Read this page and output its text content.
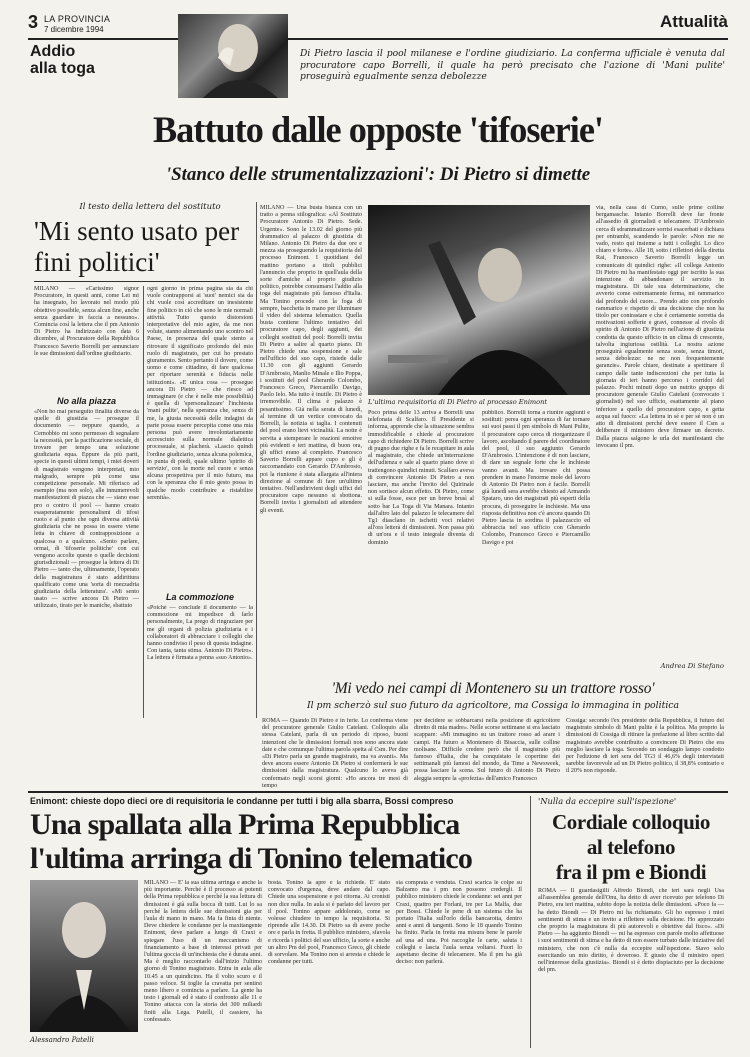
3 LA PROVINCIA
7 dicembre 1994	Attualità
Addio
alla toga
Di Pietro lascia il pool milanese e l'ordine giudiziario. La conferma ufficiale è venuta dal procuratore capo Borrelli, il quale ha però precisato che l'azione di 'Mani pulite' proseguirà egualmente senza debolezze
Battuto dalle opposte 'tifoserie'
'Stanco delle strumentalizzazioni': Di Pietro si dimette
Il testo della lettera del sostituto
'Mi sento usato per fini politici'
MILANO — «Carissimo signor Procuratore, in questi anni, come Lei mi ha insegnato, ho lavorato nel modo più obiettivo possibile, senza alcun fine, anche senza guardare in faccia a nessuno». Comincia così la lettera che il pm Antonio Di Pietro ha indirizzato con data 6 dicembre, al Procuratore della Repubblica Francesco Saverio Borrelli per annunciare le sue dimissioni dall'ordine giudiziario.
No alla piazza
«Non ho mai perseguito finalità diverse da quelle di giustizia — prosegue il documento — neppure quando, a Cernobbio mi sono permesso di segnalare la necessità, per la pacificazione sociale, di trovare per tempo una soluzione giudiziaria equa. Eppure da più parti, specie in questi ultimi tempi, i miei doveri di magistrato vengono interpretati, mio malgrado, sempre più come una competizione personale. Mi riferisco ad esempio (ma non solo), alle innumerevoli manifestazioni di piazza che — siano esse pro o contro il pool — hanno creato esasperatamente personalismi di tifosi ruoto e al punto che ogni diversa attività giudiziaria che ne possa in essere viene letta in chiave di contrapposizione a qualcosa o a qualcuno. «Sento parlare, ormai, di 'tifoserie politiche' con cui vengono accolte queste o quelle decisioni giurisdizionali — prosegue la lettera di Di Pietro — tanto che, ultimamente, l'operato della magistratura è stato addirittura qualificato come una 'sorta di mezzadria giudiziaria della letteratura'. «Mi sento usato — scrive ancora Di Pietro — utilizzato, tirato per le maniche, sbattuto
ogni giorno in prima pagina sia da chi vuole contrapporsi ai 'suoi' nemici sia da chi vuole così accreditare un inesistente fine politico in ciò che sono le mie normali attività. Tutto questo distorsioni interpretative del mio agire, da me non volute, stanno alimentando uno scontro nel Paese, in presenza del quale stento a ritrovare il significato profondo del mio ruolo di magistrato, per cui ho prestato giuramento. Sento pertanto il dovere, come uomo e come cittadino, di fare qualcosa per riportare serenità e fiducia nelle istituzioni». «E unica cosa — prosegue ancora Di Pietro — che riesco ad immaginare (e che è nelle mie possibilità) è quella di 'spersonalizzare' l'inchiesta 'mani pulite', nella speranza che, senza di me, la giusta necessità delle indagini da parte possa essere percepita come una mia persona può avere involontariamente accresciuto sulla normale dialettica processuale, si placherà. «Lascio quindi l'ordine giudiziario, senza alcuna polemica, in punta di piedi, quale ultimo 'spirito di servizio', con la morte nel cuore e senza alcuna prospettiva per il mio futuro, ma con la speranza che il mio gesto possa in qualche modo contribuire a ristabilire serenità».
La commozione
«Poiché — conclude il documento — la commozione mi impedisce di farlo personalmente, La prego di ringraziare per me gli organi di polizia giudiziaria e i collaboratori di abbracciare i colleghi che hanno condiviso il peso di questa indagine. Con tanta, tanta stima. Antonio Di Pietro». La lettera è firmata a penna «suo Antonio».
MILANO — Una busta bianca con un tratto a penna stilografica: «Al Sostituto Procuratore Antonio Di Pietro. Sede. Urgente». Sono le 13.02 del giorno più drammatico al palazzo di giustizia di Milano. Antonio Di Pietro da due ore e mezza sta proseguendo la requisitoria del processo Enimont. I quotidiani del mattino portano a titoli pubblici l'annuncio che proprio in quell'aula della sorte d'amiche al proprio giudizio politico, potrebbe consumarsi l'addio alla toga del magistrato più famoso d'Italia. Ma Tonino procede con la foga di sempre, bacchetta in mano per illuminare il video del sistema telematico. Quella busta contiene l'ultimo tentativo del procuratore capo, degli aggiunti, dei colleghi sostituti del pool: Borrelli invita Di Pietro a salire al quarto piano. Di Pietro chiede una sospensione e sale nell'ufficio del suo capo, risiede dalle 11.30 con gli aggiunti Gerardo D'Ambrosio, Manlio Minale e Ilio Poppa, i sostituti del pool Gherardo Colombo, Francesco Greco, Piercamillo Davigo, Paolo Ielo. Ma tutto è inutile. Di Pietro è irremovibile. Il clima è palazzo è pesantissimo. Già nella serata di lunedì, al termine di un vertice convocato da Borrelli, la notizia si taglia. I contenuti del pool erano lievi vicinalità. La notte è servita a stemperare le reazioni emotive più evidenti e ieri mattina, di buon ora, gli uffici erano al completo. Francesco Saverio Borrelli appare cupo e gli è raccomandato con Gerardo D'Ambrosio, poi la riunione è stata allargata all'intera direzione al comune di fare un'ultimo tentativo. Nell'andirivieni degli uffici del procuratore capo nessuno si sbottona. Borrelli invita i giornalisti ad attendere gli eventi.
L'ultima requisitoria di Di Pietro al processo Enimont
Poco prima delle 13 arriva a Borrelli una telefonata di Scalfaro. Il Presidente si informa, apprende che la situazione sembra immodificabile e chiede al procuratore capo di richiedere Di Pietro. Borrelli scrive di pugno due righe e fa le recapitare in aula al magistrato, che chiede un'interruzione dell'udienza e sale al quarto piano dove si trattengono quindici minuti. Scalfaro aveva di convincere Antonio Di Pietro a non lasciare, ma anche l'invito del Quirinale non sortisce alcun effetto. Di Pietro, come si sulla fosse, esce per un breve brusì al sotto bar La Toga di Via Manara. Intanto dall'altro lato del palazzo le telecamere del Tg1 diasclano in ischetti voci relativi all'ora letterà di dimissioni. Non passa più di un'ora e il testo integrale diventa di dominio
pubblico. Borrelli torna a riunire aggiunti e sostituti: perea ogni speranza di far tornare sui suoi passi il pm simbolo di Mani Pulite, il procuratore capo cerca di riorganizzare il lavoro, ascoltando il parere del coordinatore del pool, il suo aggiunto Gerardo D'Ambrosio. L'intenzione è di non lasciare, di dare un segnale forte che le inchieste vanno avanti. Ma trovare chi possa prendere in mano l'enorme mole del lavoro di Antonio Di Pietro non è facile. Borrelli già lunedì sera avrebbe chiesto ad Armando Spataro, uno dei magistrati più esperti della procura, di proseguire le inchieste. Ma una risposta definitiva non c'è ancora quando Di Pietro lascia in sordina il palazzaccio ed abbraccia nel suo ufficio con Gherardo Colombo, Francesco Greco e Piercamillo Davigo e poi
via, nella casa di Curno, sulle prime colline bergamasche. Intanto Borrelli deve far fronte all'assedio di giornalisti e telecamere. D'Ambrosio cerca di sdrammatizzare sorrisi esacerbati e dichiara per entrambi, scandendo le parole: «Non me ne vado, resto qui insieme a tutti i colleghi. Lo dico chiaro e forte». Alle 18, sotto i riflettori della diretta Rai, Francesco Saverio Borrelli legge un comunicato di quindici righe: «Il collega Antonio Di Pietro mi ha manifestato oggi per iscritto la sua intenzione di abbandonare il servizio in magistratura. Di tale sua determinazione, che avverto come estremamente ferma, mi rammarico dal profondo del cuore... Prendo atto con profondo rammarico e rispetto di una decisione che non ha titolo per contrastare e che è certamente sorretta da motivazioni sofferte e gravi, connesse al rivolo di spirito di Antonio Di Pietro nell'azione di giustizia condotta da questo ufficio in un clima di crescente, talvolta ingiuriosa ostilità. La nostra azione proseguirà egualmente senza soste, senza timori, senza debolezze: ne ne non frequentemente garanzie». Parole chiare, destinate a spettinare il campo dalle tante indiscrezioni che per tutta la giornata di ieri hanno percorso i corridoi del palazzo. Pochi minuti dopo un nutrito gruppo di procuratore generale Giulio Catelani (convocato i giornalisti) nel suo ufficio, esattamente al piano inferiore a quello del procuratore capo, e getta acqua sul fuoco: «La lettera in sé e per sé non è un atto di dimissioni perché deve essere il Csm a deliberare il ministero deve firmare un decreto. Dalla piazza salgono le urla dei manifestanti che invocano il pm.
Andrea Di Stefano
'Mi vedo nei campi di Montenero su un trattore rosso'
Il pm scherzò sul suo futuro da agricoltore, ma Cossiga lo immagina in politica
ROMA — Quando Di Pietro è in ferie. Lo conferma viene del procuratore generale Giulio Catelani. Colloquio alla stessa Catelani, parla di un periodo di riposo, buoni intenzioni che le dimissioni formali non sono ancora state date e che comunque l'ultima parola spetta al Csm. Per dire «Di Pietro parla un grande magistrato, ma va avanti». Ma deve ancora essere Antonio Di Pietro si confermerà le sue dimissioni dalla magistratura. Qualcuno lo aveva già confermato negli scorsi giorni: «Ho ancora tre mesi di tempo
per decidere se sobbarcarsi nella posizione di agricoltore diretto di mia madre». Nelle scorse settimane si era lasciato scappare: «Mi immagino su un trattore rosso ad arare i campi. Ha futuro a Montenero di Bisaccia, sulle colline molisane. Difficile credere però che il magistrato più famoso d'Italia, che ha conquistato le copertine dei settimanali più famosi del mondo, da Time a Newsweek, possa lasciare la scena. Sul futuro di Antonio Di Pietro aleggia sempre la «profezia» dell'amico Francesco
Cossiga: secondo l'ex presidente della Repubblica, il futuro del magistrato simbolo di Mani pulite è la politica. Ma proprio la dimissioni di Cossiga di ritirare la prefazione al libro scritto dal magistrato avrebbe contribuito a convincere Di Pietro che era meglio lasciare la toga. Secondo un sondaggio lampo condotto per l'edizione di ieri sera del TG3 il 46,6% degli intervistati sarebbe favorevole ad un Di Pietro politico, il 38,8% contrario e il 20% non risponde.
Enimont: chieste dopo dieci ore di requisitoria le condanne per tutti i big alla sbarra, Bossi compreso
Una spallata alla Prima Repubblica
l'ultima arringa di Tonino telematico
Alessandro Patelli
MILANO — E' la sua ultima arringa e anche la più importante. Perché è il processo ai potenti della Prima repubblica e perché la sua lettura di dimissioni è già sulla bocca di tutti. Lui lo sa perché la lettera delle sue dimissioni gia per l'aula di mano in mano. Ma fa finta di niente. Deve chiedere le condanne per la maxitangente Enimont, deve parlare a lungo di Craxi e spiegare l'uso di un meccanismo di finanziamento a base di interessi privati per l'ultima goccia di un'inchiesta che è durata anni. Ma è meglio raccontarlo dall'inizio l'ultimo giorno di Tonino magistrato. Entra in aula alle 10.45 a un quindicino. Ha il volto scuro e il passo veloce. Si toglie la cravatta per sentirsi meno libero e comincia a parlare. La gente ha testo i giornali ed è stato il confronto alle 11 e Tonino attacca con la storia dei 300 miliardi finiti alla Lega. Patelli, il cassiere, ha confessato.
bosta. Tonino la apre e la richiede. E' stato convocato d'urgenza, deve andare dal capo. Chiede una sospensione e poi ritorna. Ai cronisti non dice nulla. In aula si è parlato del lavoro per il pool. Tonino appare addolorato, come se volesse chiudere in tempo la requisitoria. Si riprende alle 14.30. Di Pietro sa di avere poche ore e parla in fretta. Il pubblico ministero, sfavola e ricorda i politici del suo ufficio, la sorte e anche un altro Pm del pool, Francesco Greco, gli chiede di sorvolare. Ma Tonino non si arresta e chiede le condanne per tutti.
sia comprata e venduta. Craxi scarica le colpe su Balzamo ma i pm non possono credergli. Il pubblico ministero chiede le condanne: sei anni per Craxi, quattro per Forlani, tre per La Malfa, due per Bossi. Chiede le pene di un sistema che ha portato l'Italia sull'orlo della bancarotta, dentro anni e anni di tangenti. Sono le 18 quando Tonino ha finito. Parla in fretta ma misura bene le parole ad una ad una. Poi raccoglie le carte, saluta i colleghi e lascia l'aula senza voltarsi. Fuori lo aspettano decine di telecamere. Ma il pm ha già deciso: non parlerà.
'Nulla da eccepire sull'ispezione'
Cordiale colloquio
al telefono
fra il pm e Biondi
ROMA — Il guardasigilli Alfredo Biondi, che ieri sarà negli Usa all'assemblea generale dell'Onu, ha detto di aver ricevuto per telefono Di Pietro, era ieri mattina, subito dopo la notizia delle dimissioni. «Poco fa — ha detto Biondi — Di Pietro mi ha richiamato. Gli ho espresso i miei sentimenti di stima e un invito a riflettere sulla decisione. Ho apprezzato che proprio la magistratura di più autorevoli e obiettive dal fisco». «Di Pietro — ha aggiunto Biondi — mi ha espresso con parole molto affettuose i suoi sentimenti di stima e ha detto di non essere turbato dalle iniziative del ministero, che non c'è nulla da eccepire sull'ispezione. Stavo solo esercitando un mio diritto, è doveroso. È giusto che il ministro operi nell'interesse della giustizia». Biondi si è detto dispiaciuto per la decisione del pm.
